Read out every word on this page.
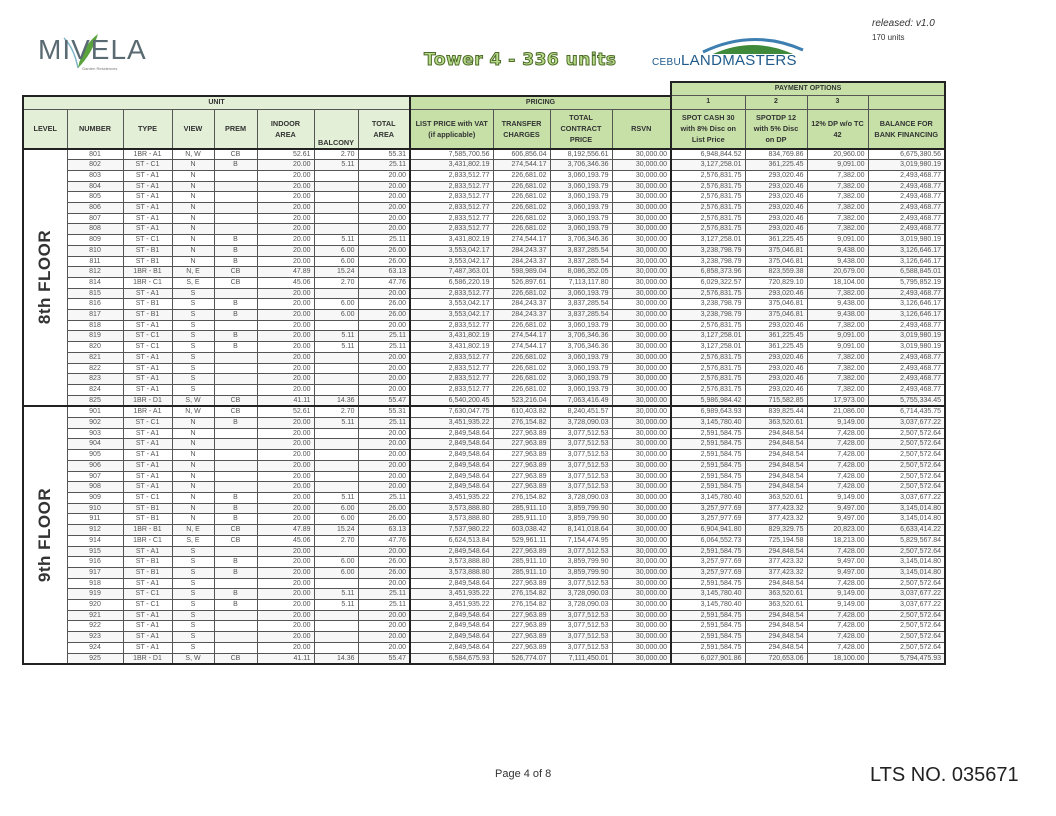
MIVELA
Garden Residences	Tower 4 - 336 units	CEBULANDMASTERS
released: v1.0
170 units
												PAYMENT OPTIONS			
UNIT								PRICING				1	2	3	
LEVEL	NUMBER	TYPE	VIEW	PREM	INDOOR AREA	BALCONY	TOTAL AREA	LIST PRICE with VAT (if applicable)	TRANSFER CHARGES	TOTAL CONTRACT PRICE	RSVN	SPOT CASH 30 with 8% Disc on List Price	SPOTDP 12 with 5% Disc on DP	12% DP w/o TC 42	BALANCE FOR BANK FINANCING

8th FLOOR	801	1BR - A1	N, W	CB	52.61	2.70	55.31	7,585,700.56	606,856.04	8,192,556.61	30,000.00	6,948,844.52	834,769.86	20,960.00	6,675,380.56
	802	ST - C1	N	B	20.00	5.11	25.11	3,431,802.19	274,544.17	3,706,346.36	30,000.00	3,127,258.01	361,225.45	9,091.00	3,019,980.19
	803	ST - A1	N		20.00		20.00	2,833,512.77	226,681.02	3,060,193.79	30,000.00	2,576,831.75	293,020.46	7,382.00	2,493,468.77
	804	ST - A1	N		20.00		20.00	2,833,512.77	226,681.02	3,060,193.79	30,000.00	2,576,831.75	293,020.46	7,382.00	2,493,468.77
	805	ST - A1	N		20.00		20.00	2,833,512.77	226,681.02	3,060,193.79	30,000.00	2,576,831.75	293,020.46	7,382.00	2,493,468.77
	806	ST - A1	N		20.00		20.00	2,833,512.77	226,681.02	3,060,193.79	30,000.00	2,576,831.75	293,020.46	7,382.00	2,493,468.77
	807	ST - A1	N		20.00		20.00	2,833,512.77	226,681.02	3,060,193.79	30,000.00	2,576,831.75	293,020.46	7,382.00	2,493,468.77
	808	ST - A1	N		20.00		20.00	2,833,512.77	226,681.02	3,060,193.79	30,000.00	2,576,831.75	293,020.46	7,382.00	2,493,468.77
	809	ST - C1	N	B	20.00	5.11	25.11	3,431,802.19	274,544.17	3,706,346.36	30,000.00	3,127,258.01	361,225.45	9,091.00	3,019,980.19
	810	ST - B1	N	B	20.00	6.00	26.00	3,553,042.17	284,243.37	3,837,285.54	30,000.00	3,238,798.79	375,046.81	9,438.00	3,126,646.17
	811	ST - B1	N	B	20.00	6.00	26.00	3,553,042.17	284,243.37	3,837,285.54	30,000.00	3,238,798.79	375,046.81	9,438.00	3,126,646.17
	812	1BR - B1	N, E	CB	47.89	15.24	63.13	7,487,363.01	598,989.04	8,086,352.05	30,000.00	6,858,373.96	823,559.38	20,679.00	6,588,845.01
	814	1BR - C1	S, E	CB	45.06	2.70	47.76	6,586,220.19	526,897.61	7,113,117.80	30,000.00	6,029,322.57	720,829.10	18,104.00	5,795,852.19
	815	ST - A1	S		20.00		20.00	2,833,512.77	226,681.02	3,060,193.79	30,000.00	2,576,831.75	293,020.46	7,382.00	2,493,468.77
	816	ST - B1	S	B	20.00	6.00	26.00	3,553,042.17	284,243.37	3,837,285.54	30,000.00	3,238,798.79	375,046.81	9,438.00	3,126,646.17
	817	ST - B1	S	B	20.00	6.00	26.00	3,553,042.17	284,243.37	3,837,285.54	30,000.00	3,238,798.79	375,046.81	9,438.00	3,126,646.17
	818	ST - A1	S		20.00		20.00	2,833,512.77	226,681.02	3,060,193.79	30,000.00	2,576,831.75	293,020.46	7,382.00	2,493,468.77
	819	ST - C1	S	B	20.00	5.11	25.11	3,431,802.19	274,544.17	3,706,346.36	30,000.00	3,127,258.01	361,225.45	9,091.00	3,019,980.19
	820	ST - C1	S	B	20.00	5.11	25.11	3,431,802.19	274,544.17	3,706,346.36	30,000.00	3,127,258.01	361,225.45	9,091.00	3,019,980.19
	821	ST - A1	S		20.00		20.00	2,833,512.77	226,681.02	3,060,193.79	30,000.00	2,576,831.75	293,020.46	7,382.00	2,493,468.77
	822	ST - A1	S		20.00		20.00	2,833,512.77	226,681.02	3,060,193.79	30,000.00	2,576,831.75	293,020.46	7,382.00	2,493,468.77
	823	ST - A1	S		20.00		20.00	2,833,512.77	226,681.02	3,060,193.79	30,000.00	2,576,831.75	293,020.46	7,382.00	2,493,468.77
	824	ST - A1	S		20.00		20.00	2,833,512.77	226,681.02	3,060,193.79	30,000.00	2,576,831.75	293,020.46	7,382.00	2,493,468.77
	825	1BR - D1	S, W	CB	41.11	14.36	55.47	6,540,200.45	523,216.04	7,063,416.49	30,000.00	5,986,984.42	715,582.85	17,973.00	5,755,334.45

9th FLOOR	901	1BR - A1	N, W	CB	52.61	2.70	55.31	7,630,047.75	610,403.82	8,240,451.57	30,000.00	6,989,643.93	839,825.44	21,086.00	6,714,435.75
	902	ST - C1	N	B	20.00	5.11	25.11	3,451,935.22	276,154.82	3,728,090.03	30,000.00	3,145,780.40	363,520.61	9,149.00	3,037,677.22
	903	ST - A1	N		20.00		20.00	2,849,548.64	227,963.89	3,077,512.53	30,000.00	2,591,584.75	294,848.54	7,428.00	2,507,572.64
	904	ST - A1	N		20.00		20.00	2,849,548.64	227,963.89	3,077,512.53	30,000.00	2,591,584.75	294,848.54	7,428.00	2,507,572.64
	905	ST - A1	N		20.00		20.00	2,849,548.64	227,963.89	3,077,512.53	30,000.00	2,591,584.75	294,848.54	7,428.00	2,507,572.64
	906	ST - A1	N		20.00		20.00	2,849,548.64	227,963.89	3,077,512.53	30,000.00	2,591,584.75	294,848.54	7,428.00	2,507,572.64
	907	ST - A1	N		20.00		20.00	2,849,548.64	227,963.89	3,077,512.53	30,000.00	2,591,584.75	294,848.54	7,428.00	2,507,572.64
	908	ST - A1	N		20.00		20.00	2,849,548.64	227,963.89	3,077,512.53	30,000.00	2,591,584.75	294,848.54	7,428.00	2,507,572.64
	909	ST - C1	N	B	20.00	5.11	25.11	3,451,935.22	276,154.82	3,728,090.03	30,000.00	3,145,780.40	363,520.61	9,149.00	3,037,677.22
	910	ST - B1	N	B	20.00	6.00	26.00	3,573,888.80	285,911.10	3,859,799.90	30,000.00	3,257,977.69	377,423.32	9,497.00	3,145,014.80
	911	ST - B1	N	B	20.00	6.00	26.00	3,573,888.80	285,911.10	3,859,799.90	30,000.00	3,257,977.69	377,423.32	9,497.00	3,145,014.80
	912	1BR - B1	N, E	CB	47.89	15.24	63.13	7,537,980.22	603,038.42	8,141,018.64	30,000.00	6,904,941.80	829,329.75	20,823.00	6,633,414.22
	914	1BR - C1	S, E	CB	45.06	2.70	47.76	6,624,513.84	529,961.11	7,154,474.95	30,000.00	6,064,552.73	725,194.58	18,213.00	5,829,567.84
	915	ST - A1	S		20.00		20.00	2,849,548.64	227,963.89	3,077,512.53	30,000.00	2,591,584.75	294,848.54	7,428.00	2,507,572.64
	916	ST - B1	S	B	20.00	6.00	26.00	3,573,888.80	285,911.10	3,859,799.90	30,000.00	3,257,977.69	377,423.32	9,497.00	3,145,014.80
	917	ST - B1	S	B	20.00	6.00	26.00	3,573,888.80	285,911.10	3,859,799.90	30,000.00	3,257,977.69	377,423.32	9,497.00	3,145,014.80
	918	ST - A1	S		20.00		20.00	2,849,548.64	227,963.89	3,077,512.53	30,000.00	2,591,584.75	294,848.54	7,428.00	2,507,572.64
	919	ST - C1	S	B	20.00	5.11	25.11	3,451,935.22	276,154.82	3,728,090.03	30,000.00	3,145,780.40	363,520.61	9,149.00	3,037,677.22
	920	ST - C1	S	B	20.00	5.11	25.11	3,451,935.22	276,154.82	3,728,090.03	30,000.00	3,145,780.40	363,520.61	9,149.00	3,037,677.22
	921	ST - A1	S		20.00		20.00	2,849,548.64	227,963.89	3,077,512.53	30,000.00	2,591,584.75	294,848.54	7,428.00	2,507,572.64
	922	ST - A1	S		20.00		20.00	2,849,548.64	227,963.89	3,077,512.53	30,000.00	2,591,584.75	294,848.54	7,428.00	2,507,572.64
	923	ST - A1	S		20.00		20.00	2,849,548.64	227,963.89	3,077,512.53	30,000.00	2,591,584.75	294,848.54	7,428.00	2,507,572.64
	924	ST - A1	S		20.00		20.00	2,849,548.64	227,963.89	3,077,512.53	30,000.00	2,591,584.75	294,848.54	7,428.00	2,507,572.64
	925	1BR - D1	S, W	CB	41.11	14.36	55.47	6,584,675.93	526,774.07	7,111,450.01	30,000.00	6,027,901.86	720,653.06	18,100.00	5,794,475.93
Page 4 of 8	LTS NO. 035671
